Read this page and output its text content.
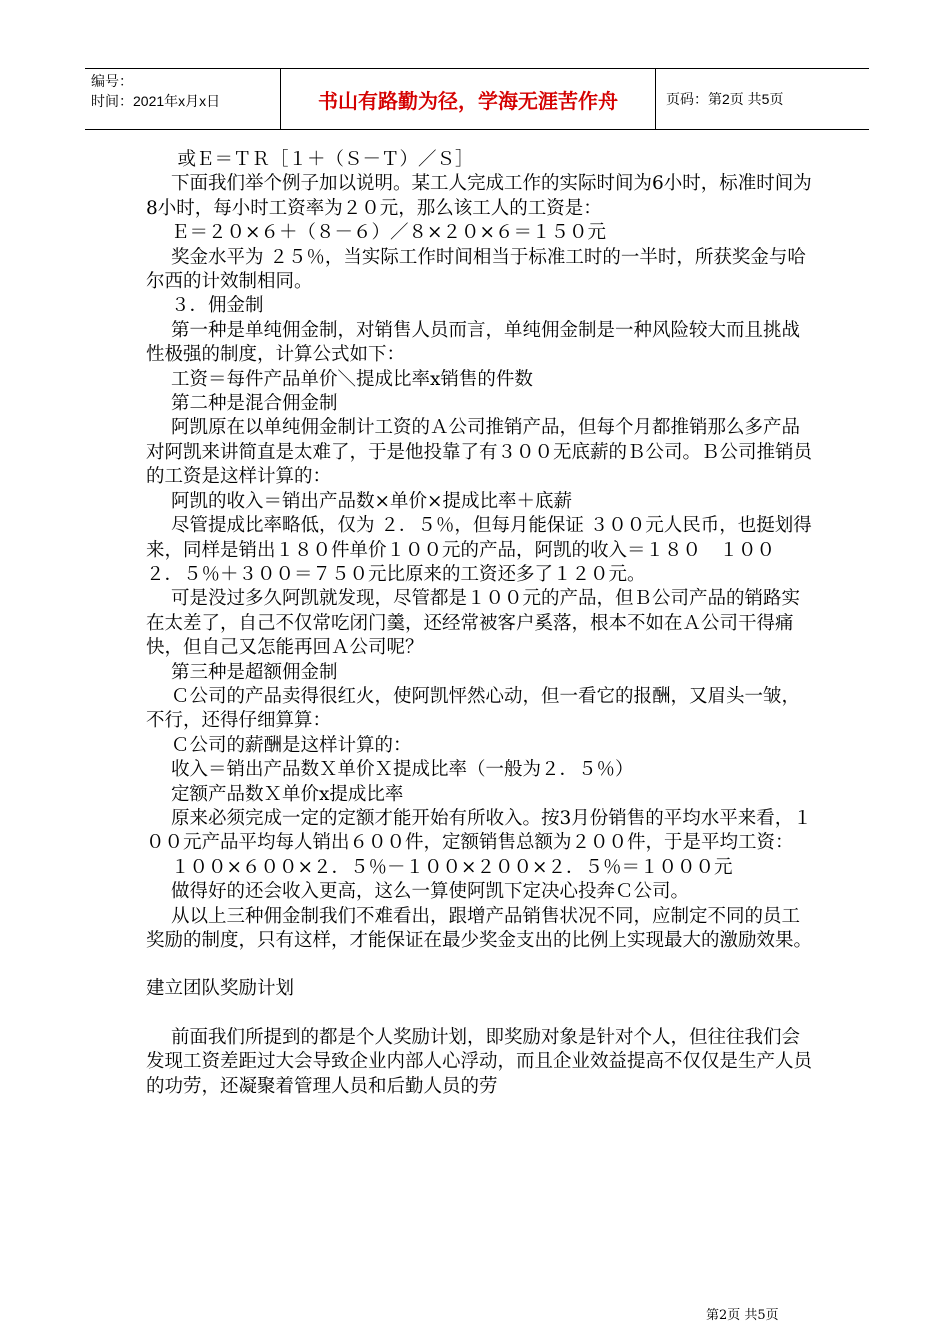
编号：
时间：2021年x月x日	书山有路勤为径，学海无涯苦作舟	页码：第2页 共5页

或Ｅ＝ＴＲ［１＋（Ｓ－Ｔ）／Ｓ］

下面我们举个例子加以说明。某工人完成工作的实际时间为6小时，标准时间为8小时，每小时工资率为２０元，那么该工人的工资是：

Ｅ＝２０×６＋（８－６）／８×２０×６＝１５０元

奖金水平为 ２５％，当实际工作时间相当于标准工时的一半时，所获奖金与哈尔西的计效制相同。

３．佣金制

第一种是单纯佣金制，对销售人员而言，单纯佣金制是一种风险较大而且挑战性极强的制度，计算公式如下：

工资＝每件产品单价＼提成比率x销售的件数

第二种是混合佣金制

阿凯原在以单纯佣金制计工资的Ａ公司推销产品，但每个月都推销那么多产品对阿凯来讲简直是太难了，于是他投靠了有３００无底薪的Ｂ公司。Ｂ公司推销员的工资是这样计算的：

阿凯的收入＝销出产品数×单价×提成比率＋底薪

尽管提成比率略低，仅为 ２．５％，但每月能保证 ３００元人民币，也挺划得来，同样是销出１８０件单价１００元的产品，阿凯的收入＝１８０　１００　２．５％＋３００＝７５０元比原来的工资还多了１２０元。

可是没过多久阿凯就发现，尽管都是１００元的产品，但Ｂ公司产品的销路实在太差了，自己不仅常吃闭门羹，还经常被客户奚落，根本不如在Ａ公司干得痛快，但自己又怎能再回Ａ公司呢？

第三种是超额佣金制

Ｃ公司的产品卖得很红火，使阿凯怦然心动，但一看它的报酬，又眉头一皱，不行，还得仔细算算：

Ｃ公司的薪酬是这样计算的：

收入＝销出产品数Ｘ单价Ｘ提成比率（一般为２．５％）

定额产品数Ｘ单价x提成比率

原来必须完成一定的定额才能开始有所收入。按3月份销售的平均水平来看，１００元产品平均每人销出６００件，定额销售总额为２００件，于是平均工资：

１００×６００×２．５％－１００×２００×２．５％＝１０００元

做得好的还会收入更高，这么一算使阿凯下定决心投奔Ｃ公司。

从以上三种佣金制我们不难看出，跟增产品销售状况不同，应制定不同的员工奖励的制度，只有这样，才能保证在最少奖金支出的比例上实现最大的激励效果。

建立团队奖励计划

前面我们所提到的都是个人奖励计划，即奖励对象是针对个人，但往往我们会发现工资差距过大会导致企业内部人心浮动，而且企业效益提高不仅仅是生产人员的功劳，还凝聚着管理人员和后勤人员的劳

第2页 共5页
